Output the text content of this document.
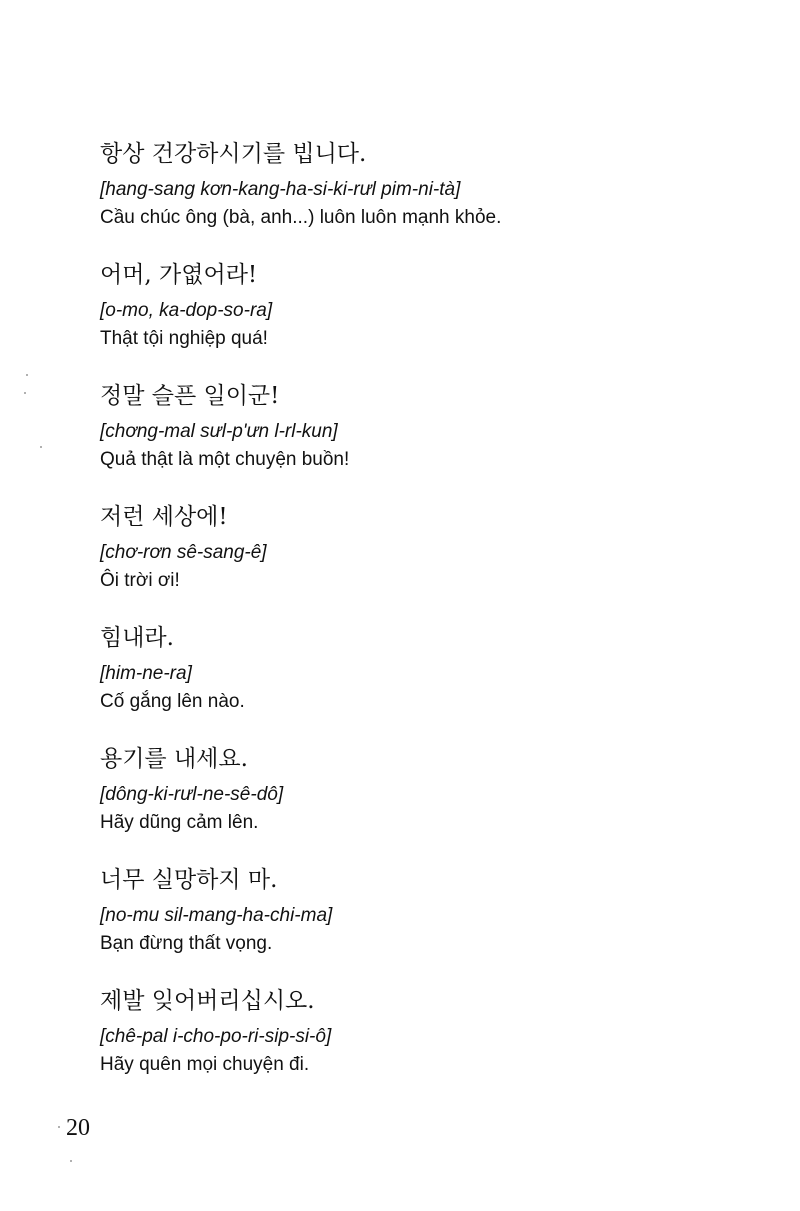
항상 건강하시기를 빕니다.
[hang-sang kơn-kang-ha-si-ki-rưl pim-ni-tà]
Cầu chúc ông (bà, anh...) luôn luôn mạnh khỏe.
어머, 가엾어라!
[o-mo, ka-dop-so-ra]
Thật tội nghiệp quá!
정말 슬픈 일이군!
[chơng-mal sưl-p'ưn l-rl-kun]
Quả thật là một chuyện buồn!
저런 세상에!
[chơ-rơn sê-sang-ê]
Ôi trời ơi!
힘내라.
[him-ne-ra]
Cố gắng lên nào.
용기를 내세요.
[dông-ki-rưl-ne-sê-dô]
Hãy dũng cảm lên.
너무 실망하지 마.
[no-mu sil-mang-ha-chi-ma]
Bạn đừng thất vọng.
제발 잊어버리십시오.
[chê-pal i-cho-po-ri-sip-si-ô]
Hãy quên mọi chuyện đi.
20
